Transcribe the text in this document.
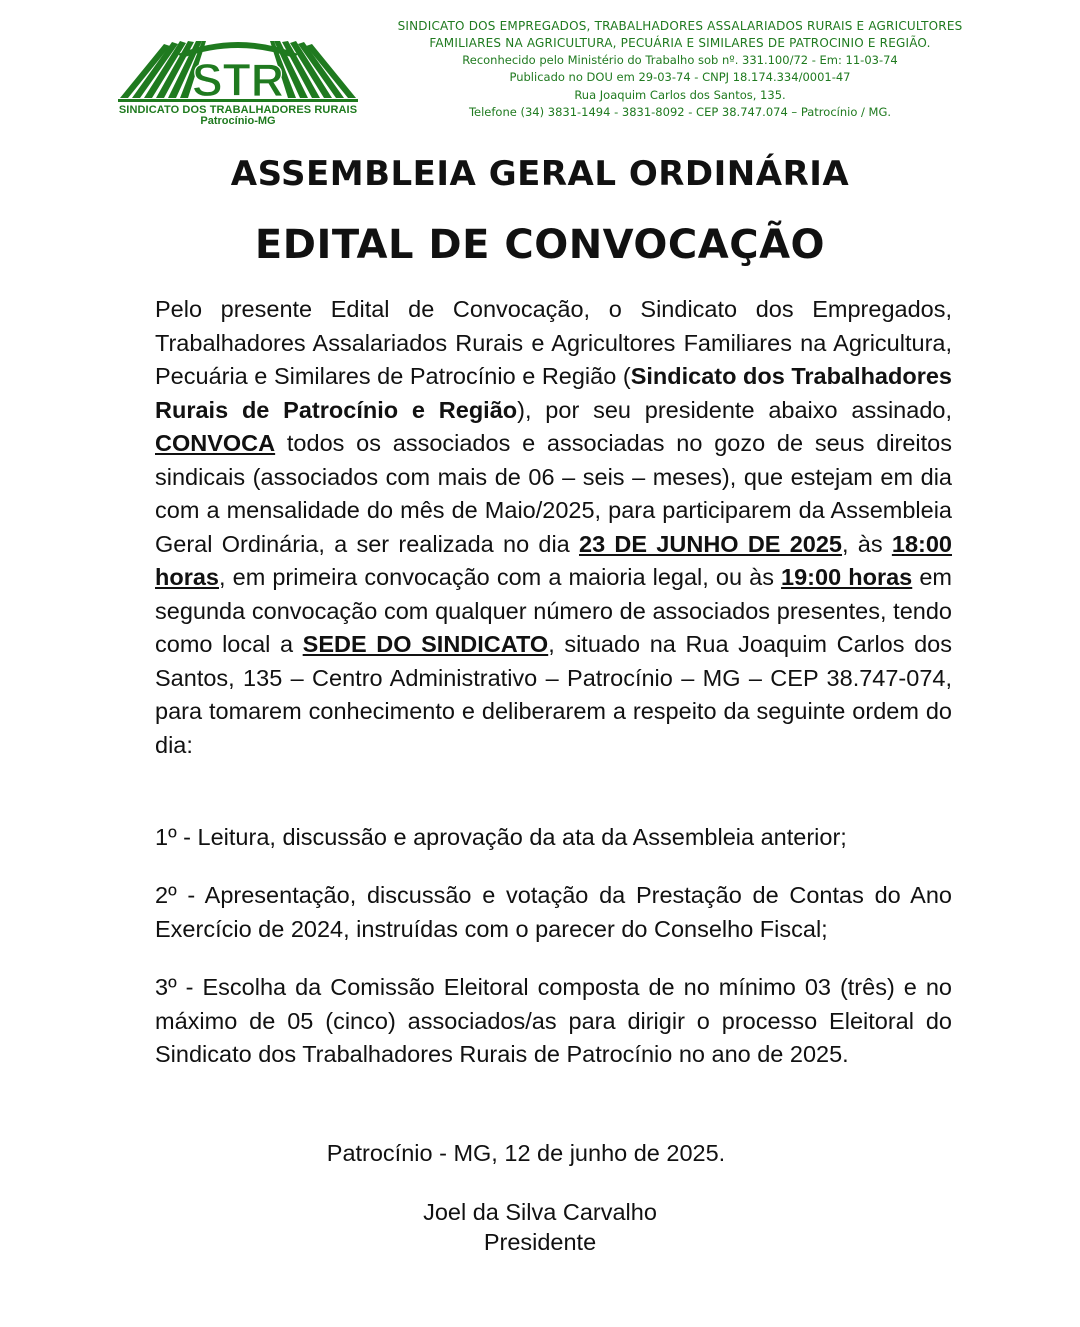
STR
SINDICATO DOS TRABALHADORES RURAIS
Patrocínio-MG
SINDICATO DOS EMPREGADOS, TRABALHADORES ASSALARIADOS RURAIS E AGRICULTORES
FAMILIARES NA AGRICULTURA, PECUÁRIA E SIMILARES DE PATROCINIO E REGIÃO.
Reconhecido pelo Ministério do Trabalho sob nº. 331.100/72 - Em: 11-03-74
Publicado no DOU em 29-03-74 - CNPJ 18.174.334/0001-47
Rua Joaquim Carlos dos Santos, 135.
Telefone (34) 3831-1494 - 3831-8092 - CEP 38.747.074 – Patrocínio / MG.
ASSEMBLEIA GERAL ORDINÁRIA
EDITAL DE CONVOCAÇÃO

Pelo presente Edital de Convocação, o Sindicato dos Empregados, Trabalhadores Assalariados Rurais e Agricultores Familiares na Agricultura, Pecuária e Similares de Patrocínio e Região (Sindicato dos Trabalhadores Rurais de Patrocínio e Região), por seu presidente abaixo assinado, CONVOCA todos os associados e associadas no gozo de seus direitos sindicais (associados com mais de 06 – seis – meses), que estejam em dia com a mensalidade do mês de Maio/2025, para participarem da Assembleia Geral Ordinária, a ser realizada no dia 23 DE JUNHO DE 2025, às 18:00 horas, em primeira convocação com a maioria legal, ou às 19:00 horas em segunda convocação com qualquer número de associados presentes, tendo como local a SEDE DO SINDICATO, situado na Rua Joaquim Carlos dos Santos, 135 – Centro Administrativo – Patrocínio – MG – CEP 38.747-074, para tomarem conhecimento e deliberarem a respeito da seguinte ordem do dia:

1º - Leitura, discussão e aprovação da ata da Assembleia anterior;

2º - Apresentação, discussão e votação da Prestação de Contas do Ano Exercício de 2024, instruídas com o parecer do Conselho Fiscal;

3º - Escolha da Comissão Eleitoral composta de no mínimo 03 (três) e no máximo de 05 (cinco) associados/as para dirigir o processo Eleitoral do Sindicato dos Trabalhadores Rurais de Patrocínio no ano de 2025.

Patrocínio - MG, 12 de junho de 2025.
Joel da Silva Carvalho
Presidente
